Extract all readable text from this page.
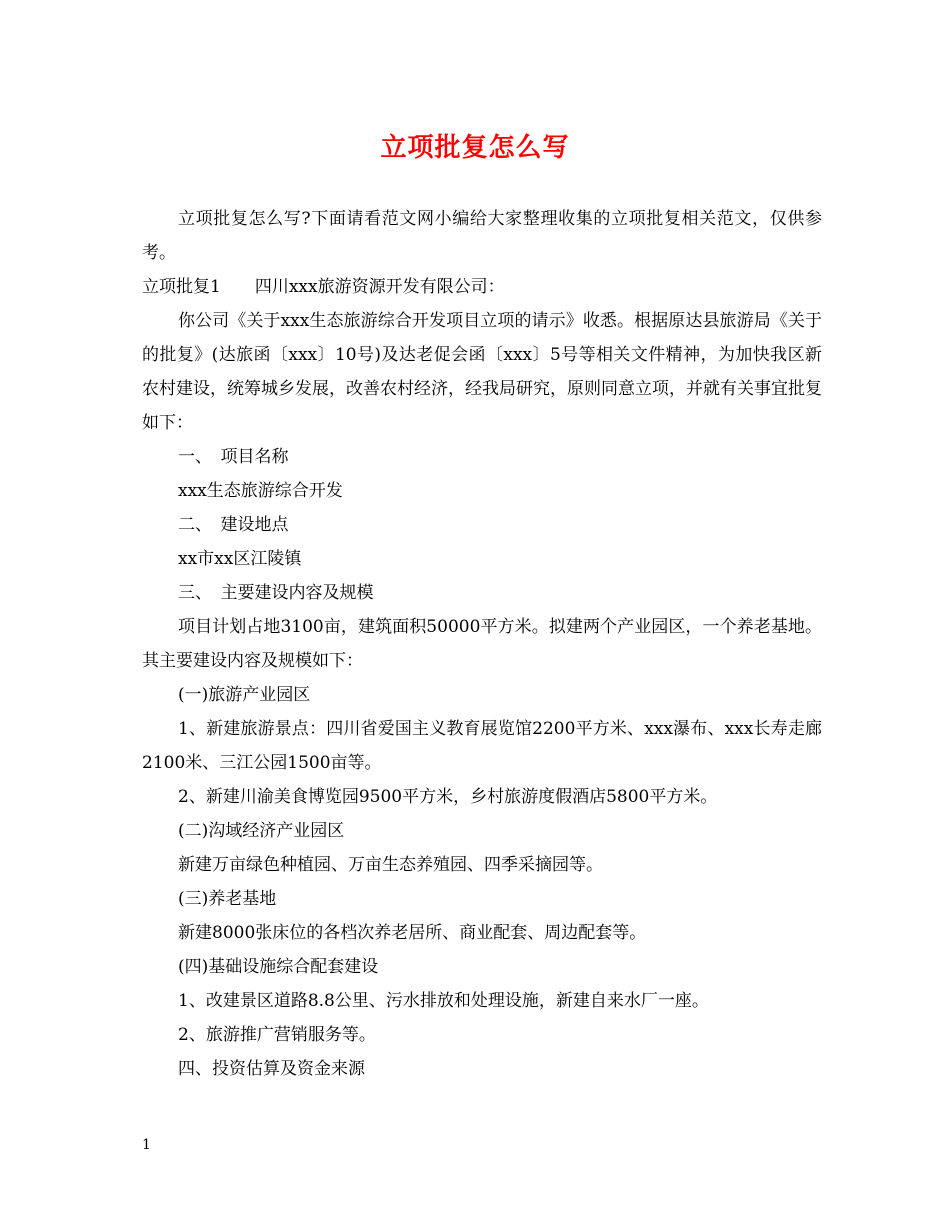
立项批复怎么写

立项批复怎么写?下面请看范文网小编给大家整理收集的立项批复相关范文，仅供参考。

立项批复1　　四川xxx旅游资源开发有限公司：

你公司《关于xxx生态旅游综合开发项目立项的请示》收悉。根据原达县旅游局《关于的批复》(达旅函〔xxx〕10号)及达老促会函〔xxx〕5号等相关文件精神，为加快我区新农村建设，统筹城乡发展，改善农村经济，经我局研究，原则同意立项，并就有关事宜批复如下：

一、　项目名称

xxx生态旅游综合开发

二、　建设地点

xx市xx区江陵镇

三、　主要建设内容及规模

项目计划占地3100亩，建筑面积50000平方米。拟建两个产业园区，一个养老基地。其主要建设内容及规模如下：

(一)旅游产业园区

1、新建旅游景点：四川省爱国主义教育展览馆2200平方米、xxx瀑布、xxx长寿走廊2100米、三江公园1500亩等。

2、新建川渝美食博览园9500平方米，乡村旅游度假酒店5800平方米。

(二)沟域经济产业园区

新建万亩绿色种植园、万亩生态养殖园、四季采摘园等。

(三)养老基地

新建8000张床位的各档次养老居所、商业配套、周边配套等。

(四)基础设施综合配套建设

1、改建景区道路8.8公里、污水排放和处理设施，新建自来水厂一座。

2、旅游推广营销服务等。

四、投资估算及资金来源

1
